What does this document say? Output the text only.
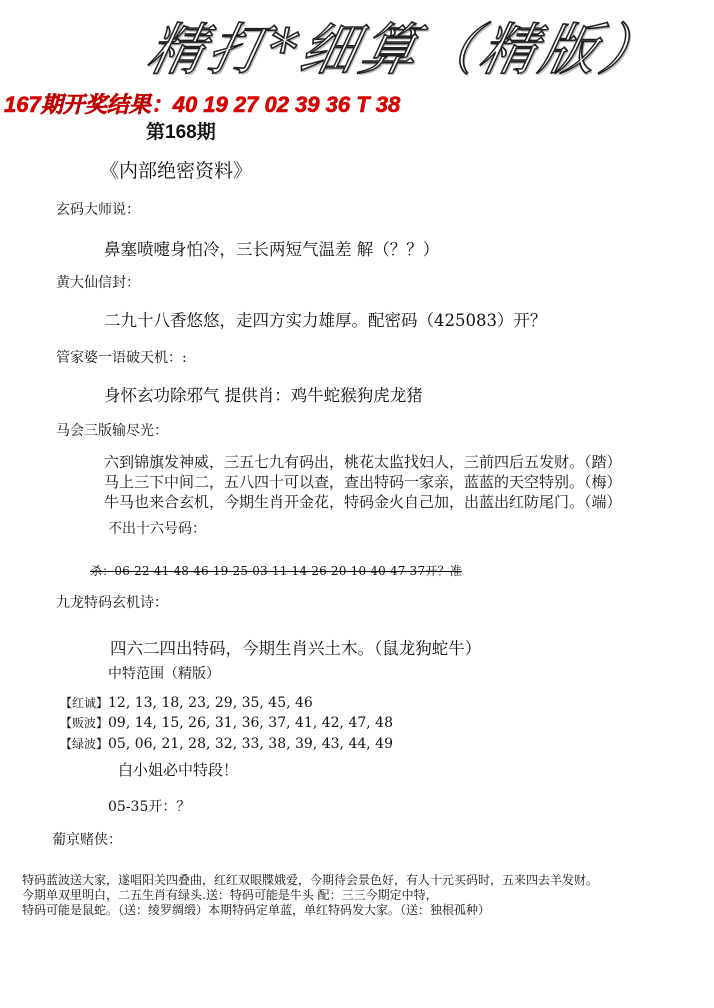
精打*细算（精版）
167期开奖结果：40 19 27 02 39 36 T 38
第168期
《内部绝密资料》
玄码大师说：
鼻塞喷嚏身怕冷，三长两短气温差 解（？？）
黄大仙信封：
二九十八香悠悠，走四方实力雄厚。配密码（425083）开？
管家婆一语破天机：:
身怀玄功除邪气 提供肖：鸡牛蛇猴狗虎龙猪
马会三版输尽光：
六到锦旗发神威，三五七九有码出，桃花太监找妇人，三前四后五发财。（踏）
马上三下中间二，五八四十可以查，查出特码一家亲，蓝蓝的天空特别。（梅）
牛马也来合玄机，今期生肖开金花，特码金火自己加，出蓝出红防尾门。（端）
不出十六号码：
杀：06 22 41 48 46 19 25 03 11 14 26 20 10 40 47 37开？准
九龙特码玄机诗：
四六二四出特码，今期生肖兴土木。（鼠龙狗蛇牛）
中特范围（精版）
【红诚】12, 13, 18, 23, 29, 35, 45, 46
【贩波】09, 14, 15, 26, 31, 36, 37, 41, 42, 47, 48
【绿波】05, 06, 21, 28, 32, 33, 38, 39, 43, 44, 49
白小姐必中特段！
05-35开：？
葡京赌侠：
特码蓝波送大家，遂唱阳关四叠曲，红红双眼牒娥爱，今期待会景色好，有人十元买码时，五来四去羊发财。
今期单双里明白，二五生肖有绿头.送：特码可能是牛头 配：三三今期定中特，
特码可能是鼠蛇。（送：绫罗绸缎）本期特码定单蓝，单红特码发大家。（送：独根孤种）
